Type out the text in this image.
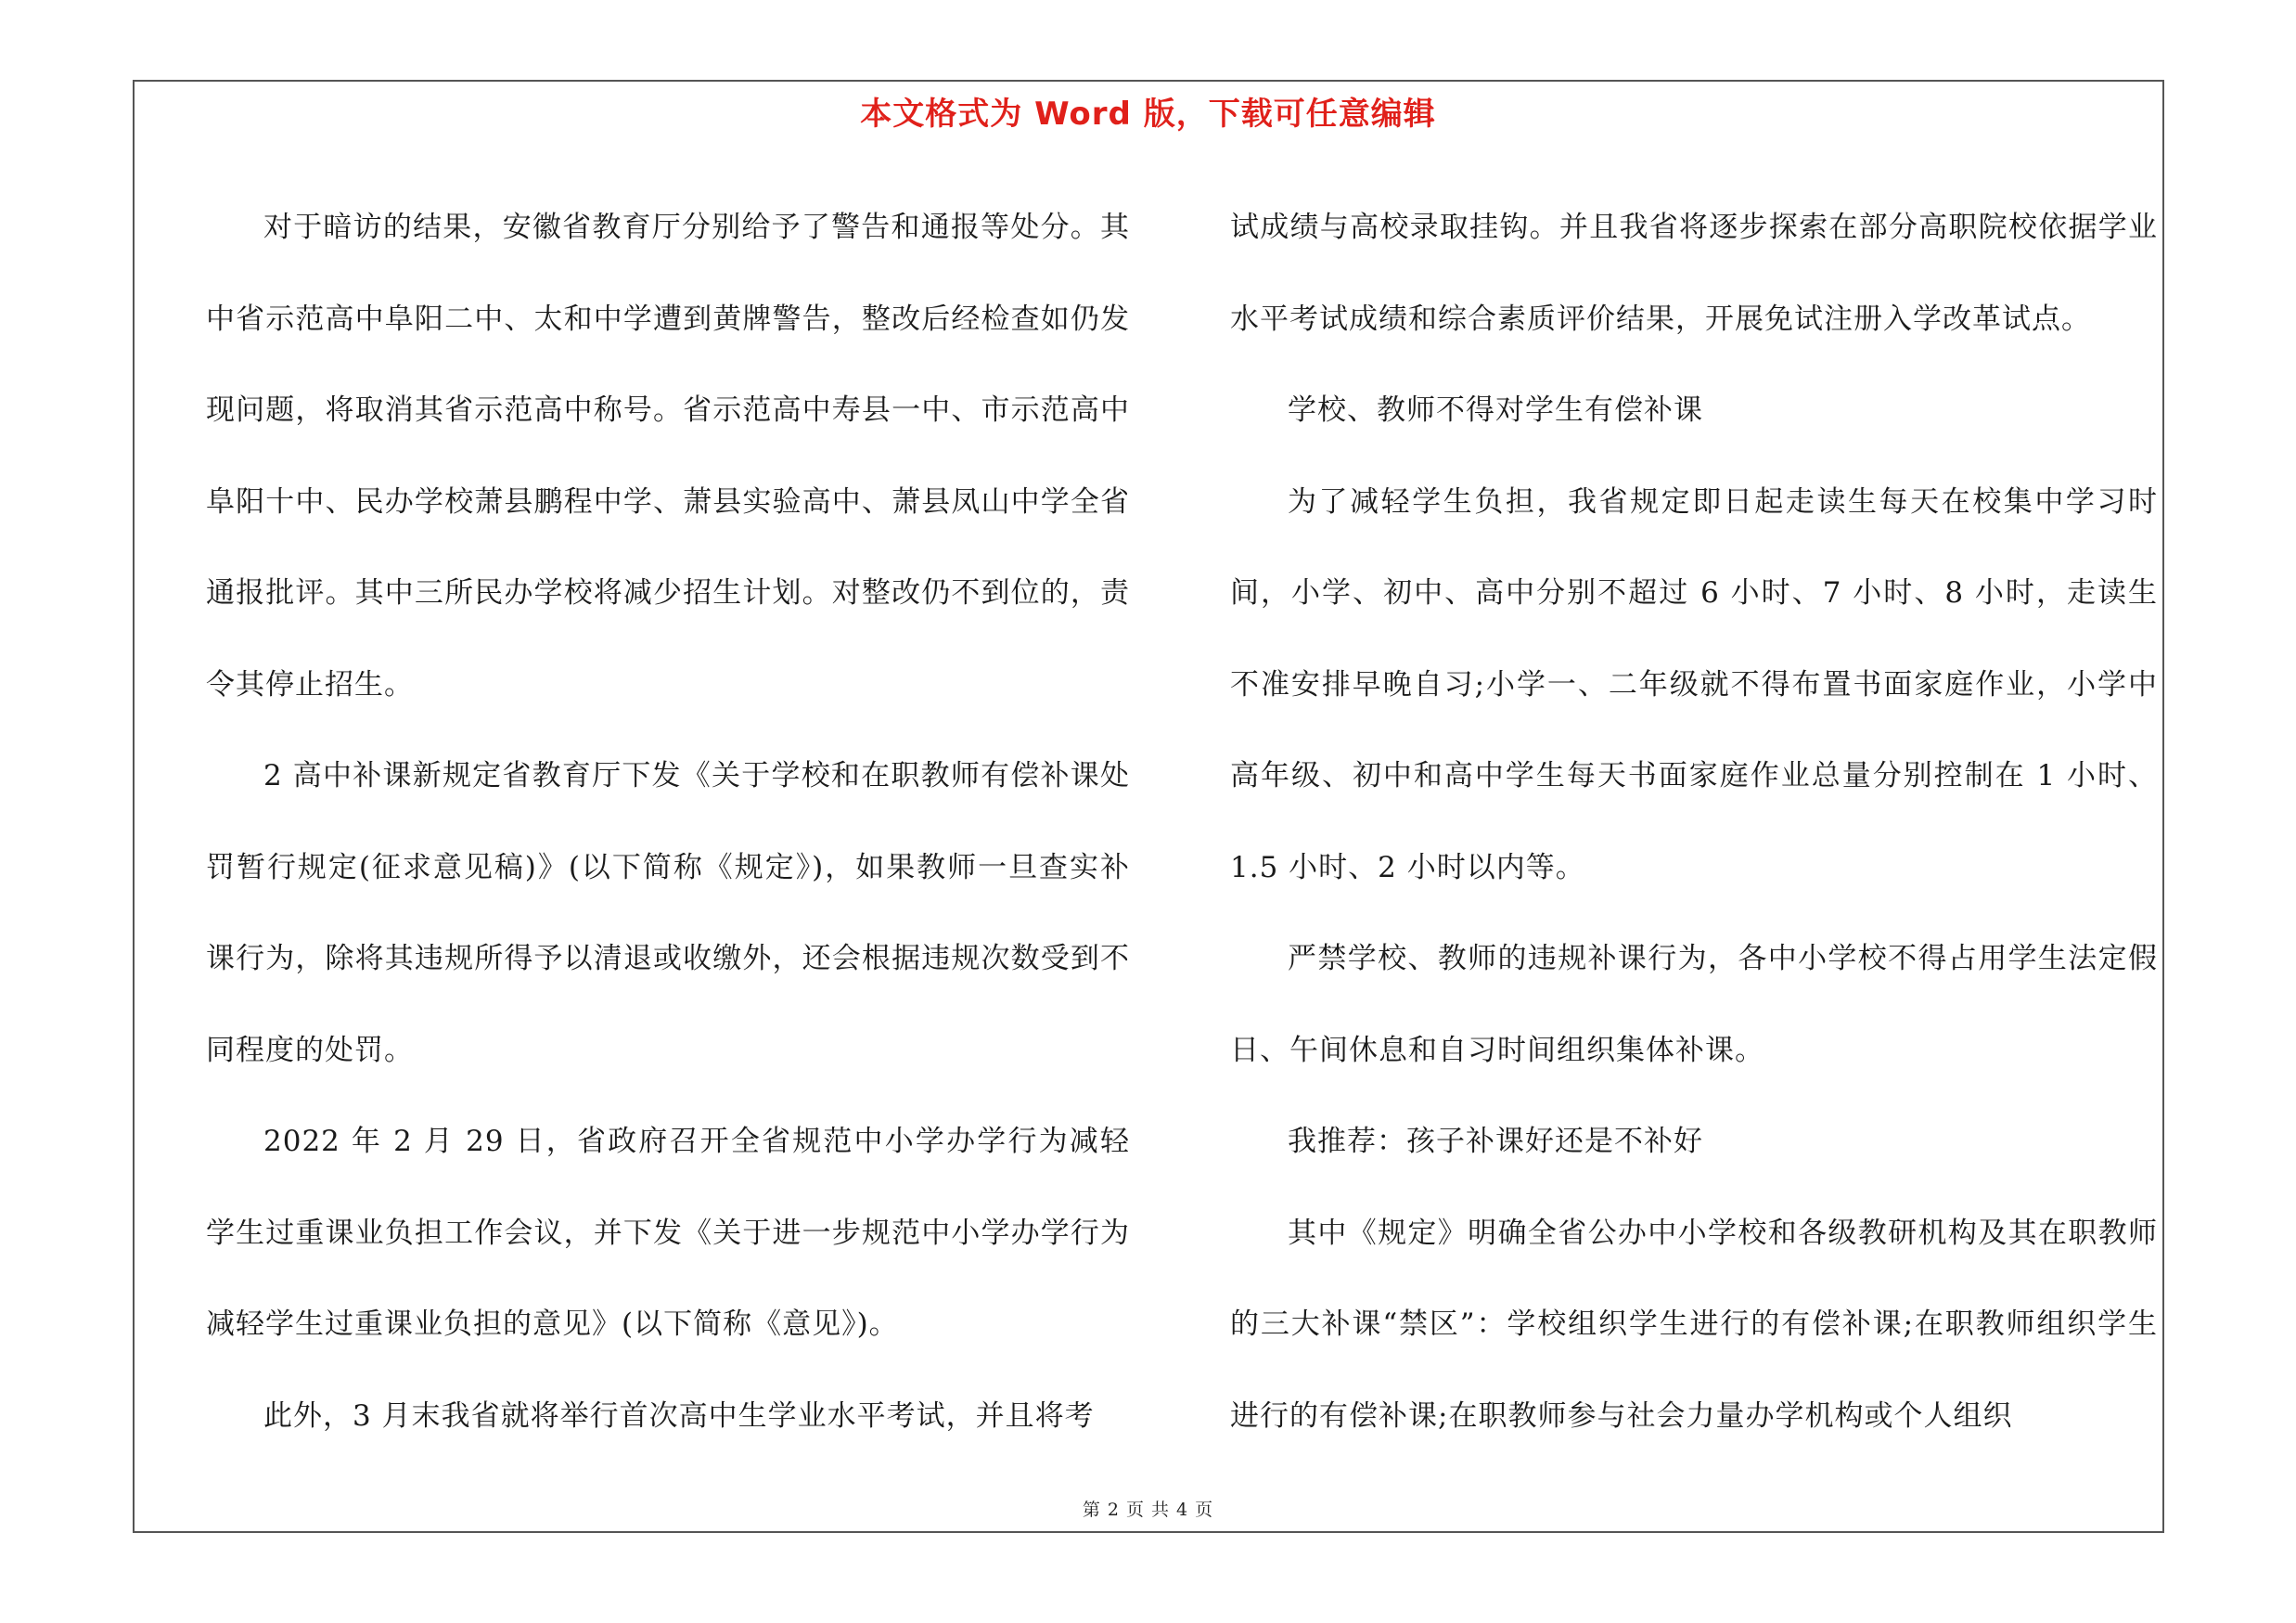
本文格式为 Word 版，下载可任意编辑

对于暗访的结果，安徽省教育厅分别给予了警告和通报等处分。其中省示范高中阜阳二中、太和中学遭到黄牌警告，整改后经检查如仍发现问题，将取消其省示范高中称号。省示范高中寿县一中、市示范高中阜阳十中、民办学校萧县鹏程中学、萧县实验高中、萧县凤山中学全省通报批评。其中三所民办学校将减少招生计划。对整改仍不到位的，责令其停止招生。

2 高中补课新规定省教育厅下发《关于学校和在职教师有偿补课处罚暂行规定(征求意见稿)》(以下简称《规定》)，如果教师一旦查实补课行为，除将其违规所得予以清退或收缴外，还会根据违规次数受到不同程度的处罚。

2022 年 2 月 29 日，省政府召开全省规范中小学办学行为减轻学生过重课业负担工作会议，并下发《关于进一步规范中小学办学行为减轻学生过重课业负担的意见》(以下简称《意见》)。

此外，3 月末我省就将举行首次高中生学业水平考试，并且将考

试成绩与高校录取挂钩。并且我省将逐步探索在部分高职院校依据学业水平考试成绩和综合素质评价结果，开展免试注册入学改革试点。

学校、教师不得对学生有偿补课

为了减轻学生负担，我省规定即日起走读生每天在校集中学习时间，小学、初中、高中分别不超过 6 小时、7 小时、8 小时，走读生不准安排早晚自习;小学一、二年级就不得布置书面家庭作业，小学中高年级、初中和高中学生每天书面家庭作业总量分别控制在 1 小时、1.5 小时、2 小时以内等。

严禁学校、教师的违规补课行为，各中小学校不得占用学生法定假日、午间休息和自习时间组织集体补课。

我推荐：孩子补课好还是不补好

其中《规定》明确全省公办中小学校和各级教研机构及其在职教师的三大补课“禁区”：学校组织学生进行的有偿补课;在职教师组织学生进行的有偿补课;在职教师参与社会力量办学机构或个人组织

第 2 页 共 4 页
